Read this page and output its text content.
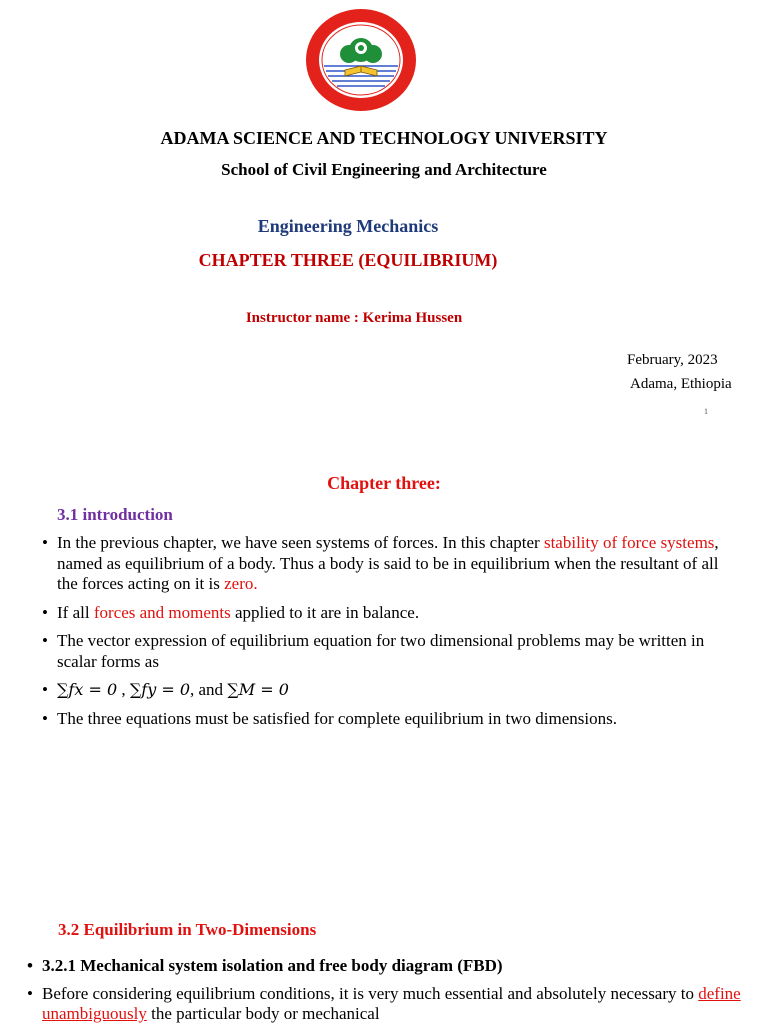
ADAMA SCIENCE AND TECHNOLOGY UNIVERSITY
School of Civil Engineering and Architecture
Engineering Mechanics
CHAPTER THREE (EQUILIBRIUM)
Instructor name : Kerima Hussen
February, 2023
Adama, Ethiopia
1
Chapter three:
3.1 introduction
• In the previous chapter, we have seen systems of forces. In this chapter stability of force systems, named as equilibrium of a body. Thus a body is said to be in equilibrium when the resultant of all the forces acting on it is zero.
• If all forces and moments applied to it are in balance.
• The vector expression of equilibrium equation for two dimensional problems may be written in scalar forms as
• ∑fx = 0 , ∑fy = 0, and ∑M = 0
• The three equations must be satisfied for complete equilibrium in two dimensions.
3.2 Equilibrium in Two-Dimensions
• 3.2.1 Mechanical system isolation and free body diagram (FBD)
• Before considering equilibrium conditions, it is very much essential and absolutely necessary to define unambiguously the particular body or mechanical
